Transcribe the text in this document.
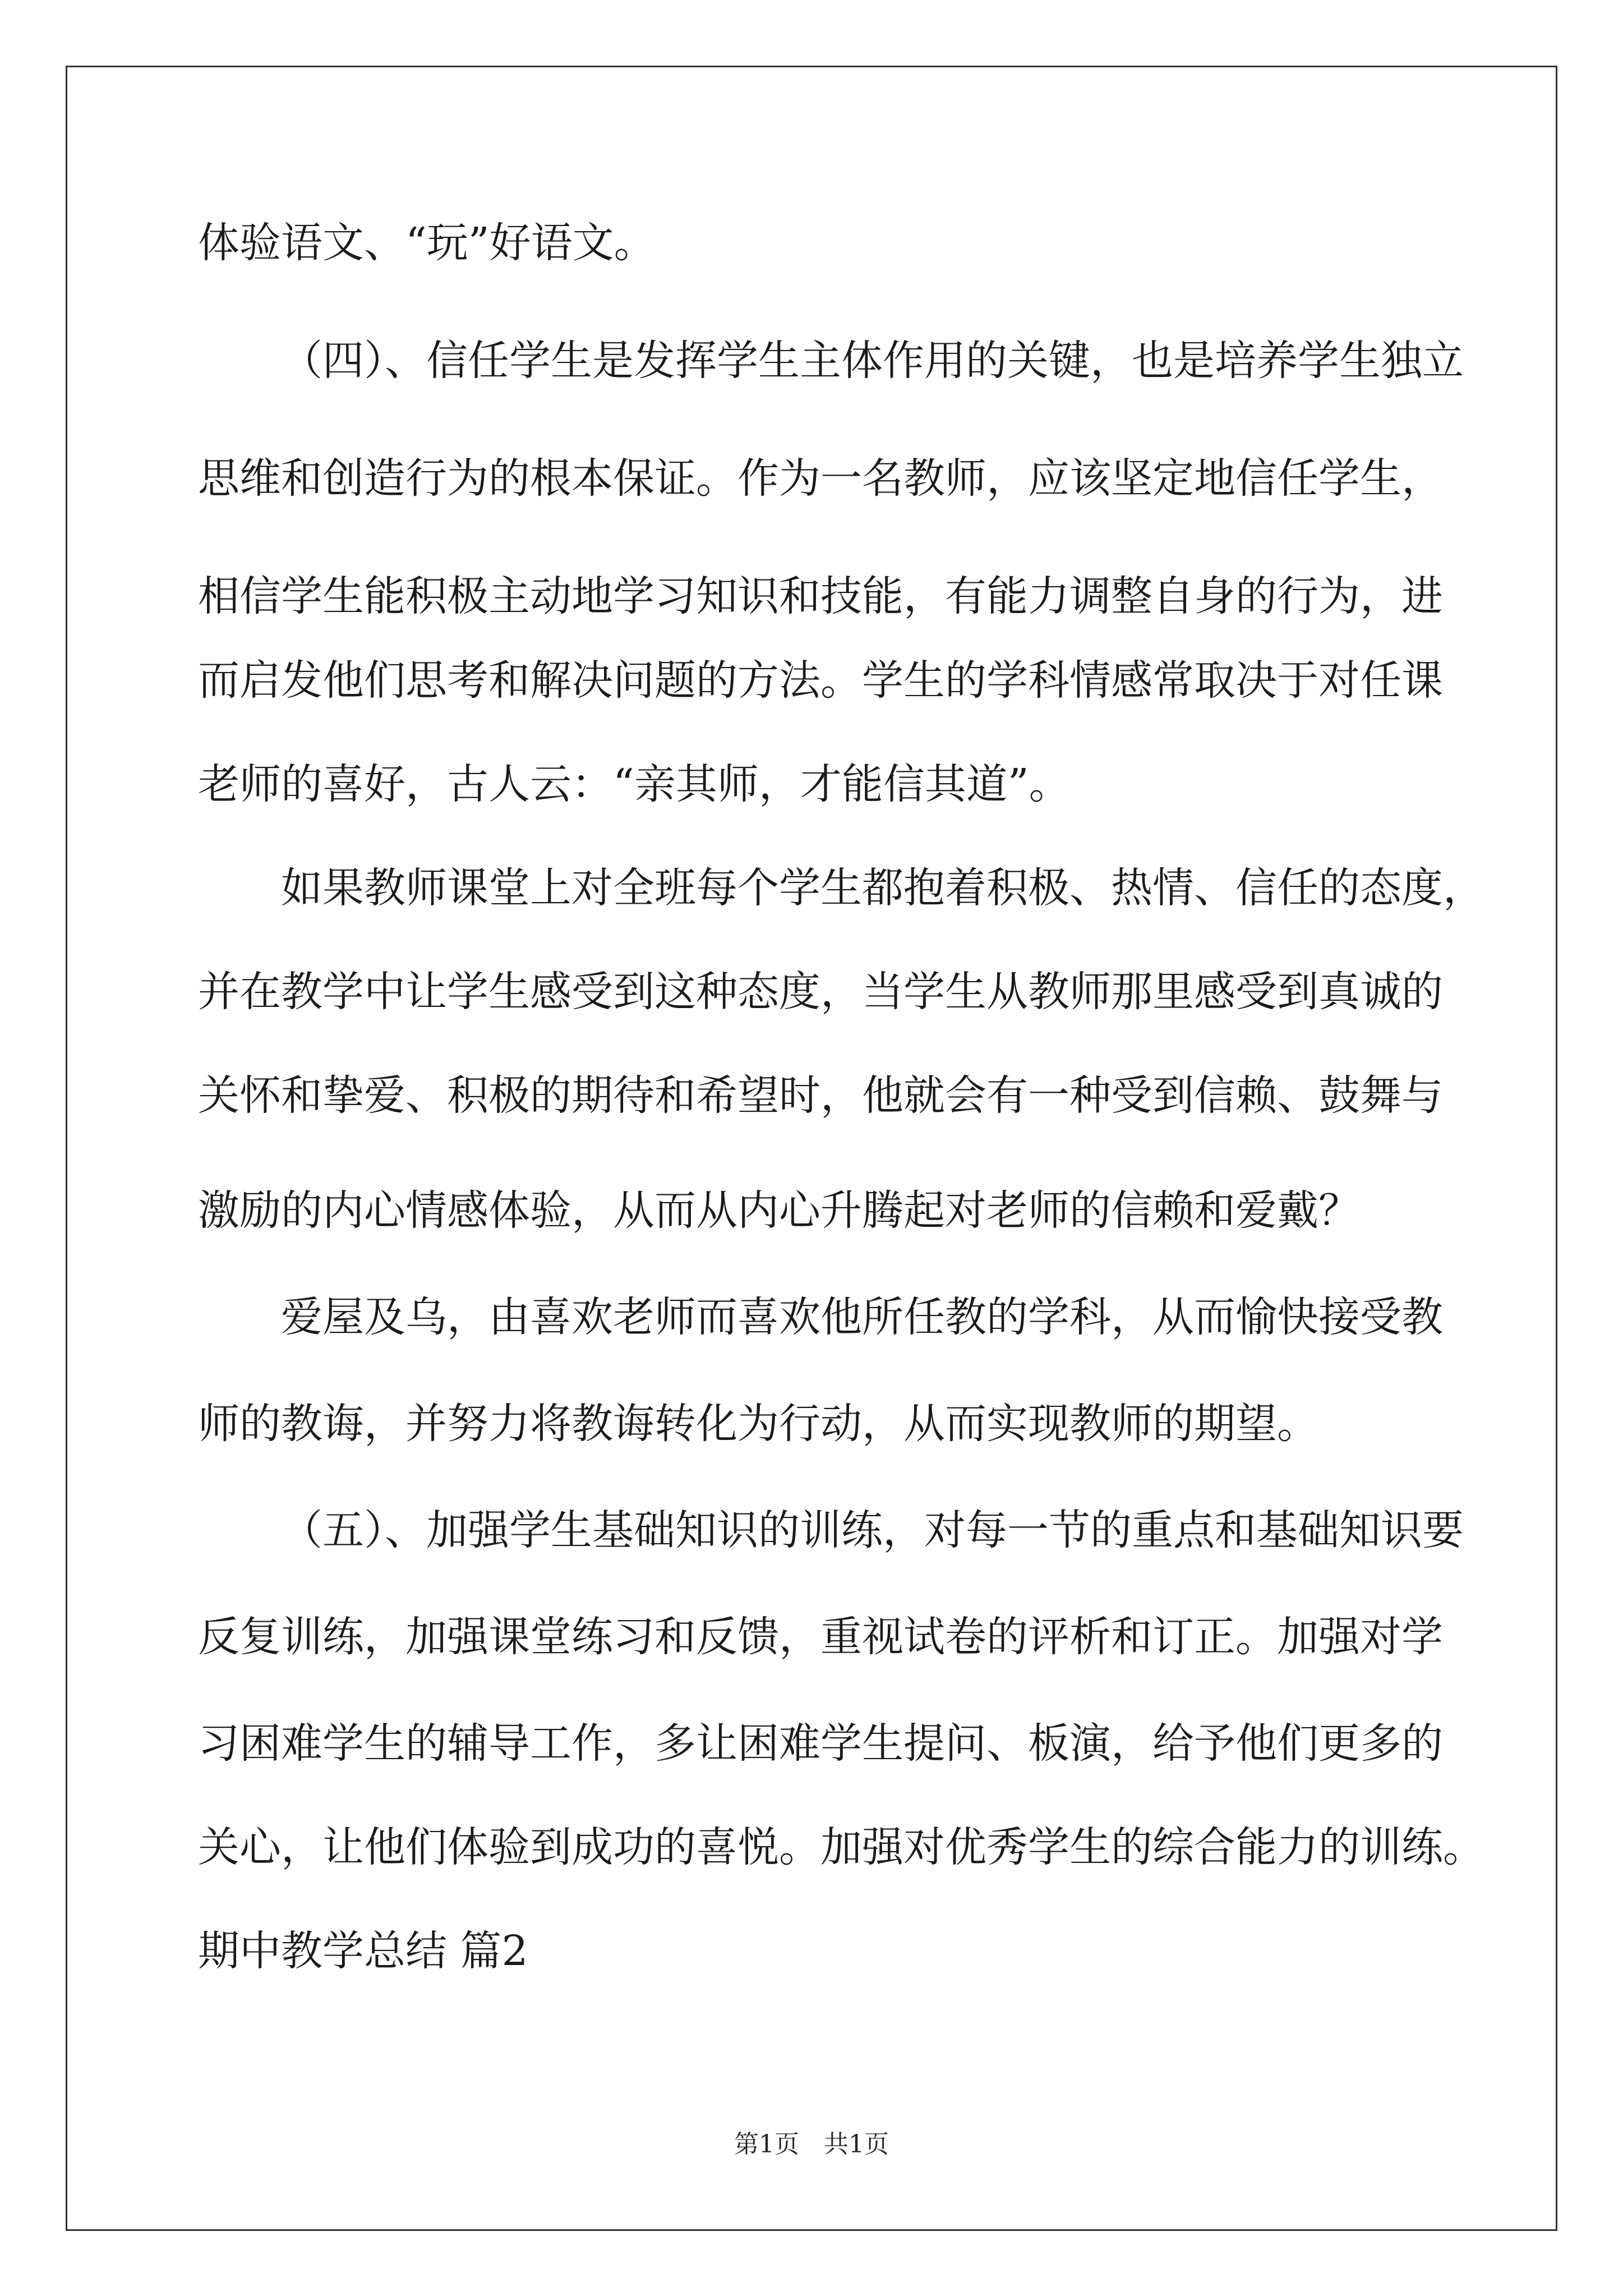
体验语文、“玩”好语文。
（四）、信任学生是发挥学生主体作用的关键，也是培养学生独立
思维和创造行为的根本保证。作为一名教师，应该坚定地信任学生，
相信学生能积极主动地学习知识和技能，有能力调整自身的行为，进
而启发他们思考和解决问题的方法。学生的学科情感常取决于对任课
老师的喜好，古人云：“亲其师，才能信其道”。
如果教师课堂上对全班每个学生都抱着积极、热情、信任的态度，
并在教学中让学生感受到这种态度，当学生从教师那里感受到真诚的
关怀和挚爱、积极的期待和希望时，他就会有一种受到信赖、鼓舞与
激励的内心情感体验，从而从内心升腾起对老师的信赖和爱戴？
爱屋及乌，由喜欢老师而喜欢他所任教的学科，从而愉快接受教
师的教诲，并努力将教诲转化为行动，从而实现教师的期望。
（五）、加强学生基础知识的训练，对每一节的重点和基础知识要
反复训练，加强课堂练习和反馈，重视试卷的评析和订正。加强对学
习困难学生的辅导工作，多让困难学生提问、板演，给予他们更多的
关心，让他们体验到成功的喜悦。加强对优秀学生的综合能力的训练。
期中教学总结 篇2
第1页　共1页
